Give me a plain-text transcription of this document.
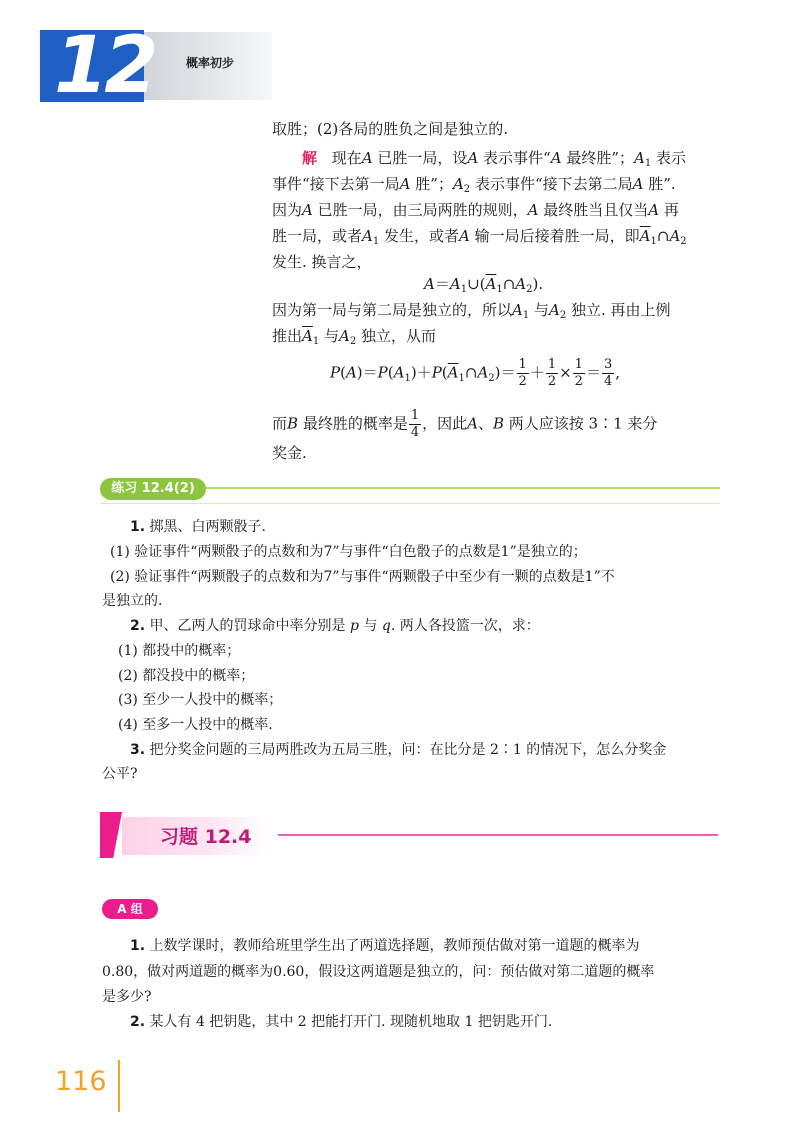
12	概率初步
取胜；(2)各局的胜负之间是独立的.
解 现在A 已胜一局，设A 表示事件“A 最终胜”；$A_1$ 表示
事件“接下去第一局A 胜”；$A_2$ 表示事件“接下去第二局A 胜”.
因为A 已胜一局，由三局两胜的规则，A 最终胜当且仅当A 再
胜一局，或者$A_1$ 发生，或者A 输一局后接着胜一局，即$\overline{A}_1\cap A_2$
发生. 换言之，
$A=A_1\cup(\overline{A}_1\cap A_2)$.
因为第一局与第二局是独立的，所以$A_1$ 与$A_2$ 独立. 再由上例
推出$\overline{A}_1$ 与$A_2$ 独立，从而
$P(A)=P(A_1)+P(\overline{A}_1\cap A_2)= \frac{1}{2} + \frac{1}{2} \times \frac{1}{2} = \frac{3}{4}$ ,
而B 最终胜的概率是 $\frac{1}{4}$ ，因此A、B 两人应该按 3∶1 来分
奖金.
练习 12.4(2)
1. 掷黑、白两颗骰子.
(1) 验证事件“两颗骰子的点数和为7”与事件“白色骰子的点数是1”是独立的；
(2) 验证事件“两颗骰子的点数和为7”与事件“两颗骰子中至少有一颗的点数是1”不
是独立的.
2. 甲、乙两人的罚球命中率分别是 p 与 q. 两人各投篮一次，求：
(1) 都投中的概率；
(2) 都没投中的概率；
(3) 至少一人投中的概率；
(4) 至多一人投中的概率.
3. 把分奖金问题的三局两胜改为五局三胜，问：在比分是 2∶1 的情况下，怎么分奖金
公平?
习题 12.4
A 组
1. 上数学课时，教师给班里学生出了两道选择题，教师预估做对第一道题的概率为
0.80，做对两道题的概率为0.60，假设这两道题是独立的，问：预估做对第二道题的概率
是多少?
2. 某人有 4 把钥匙，其中 2 把能打开门. 现随机地取 1 把钥匙开门.
116
